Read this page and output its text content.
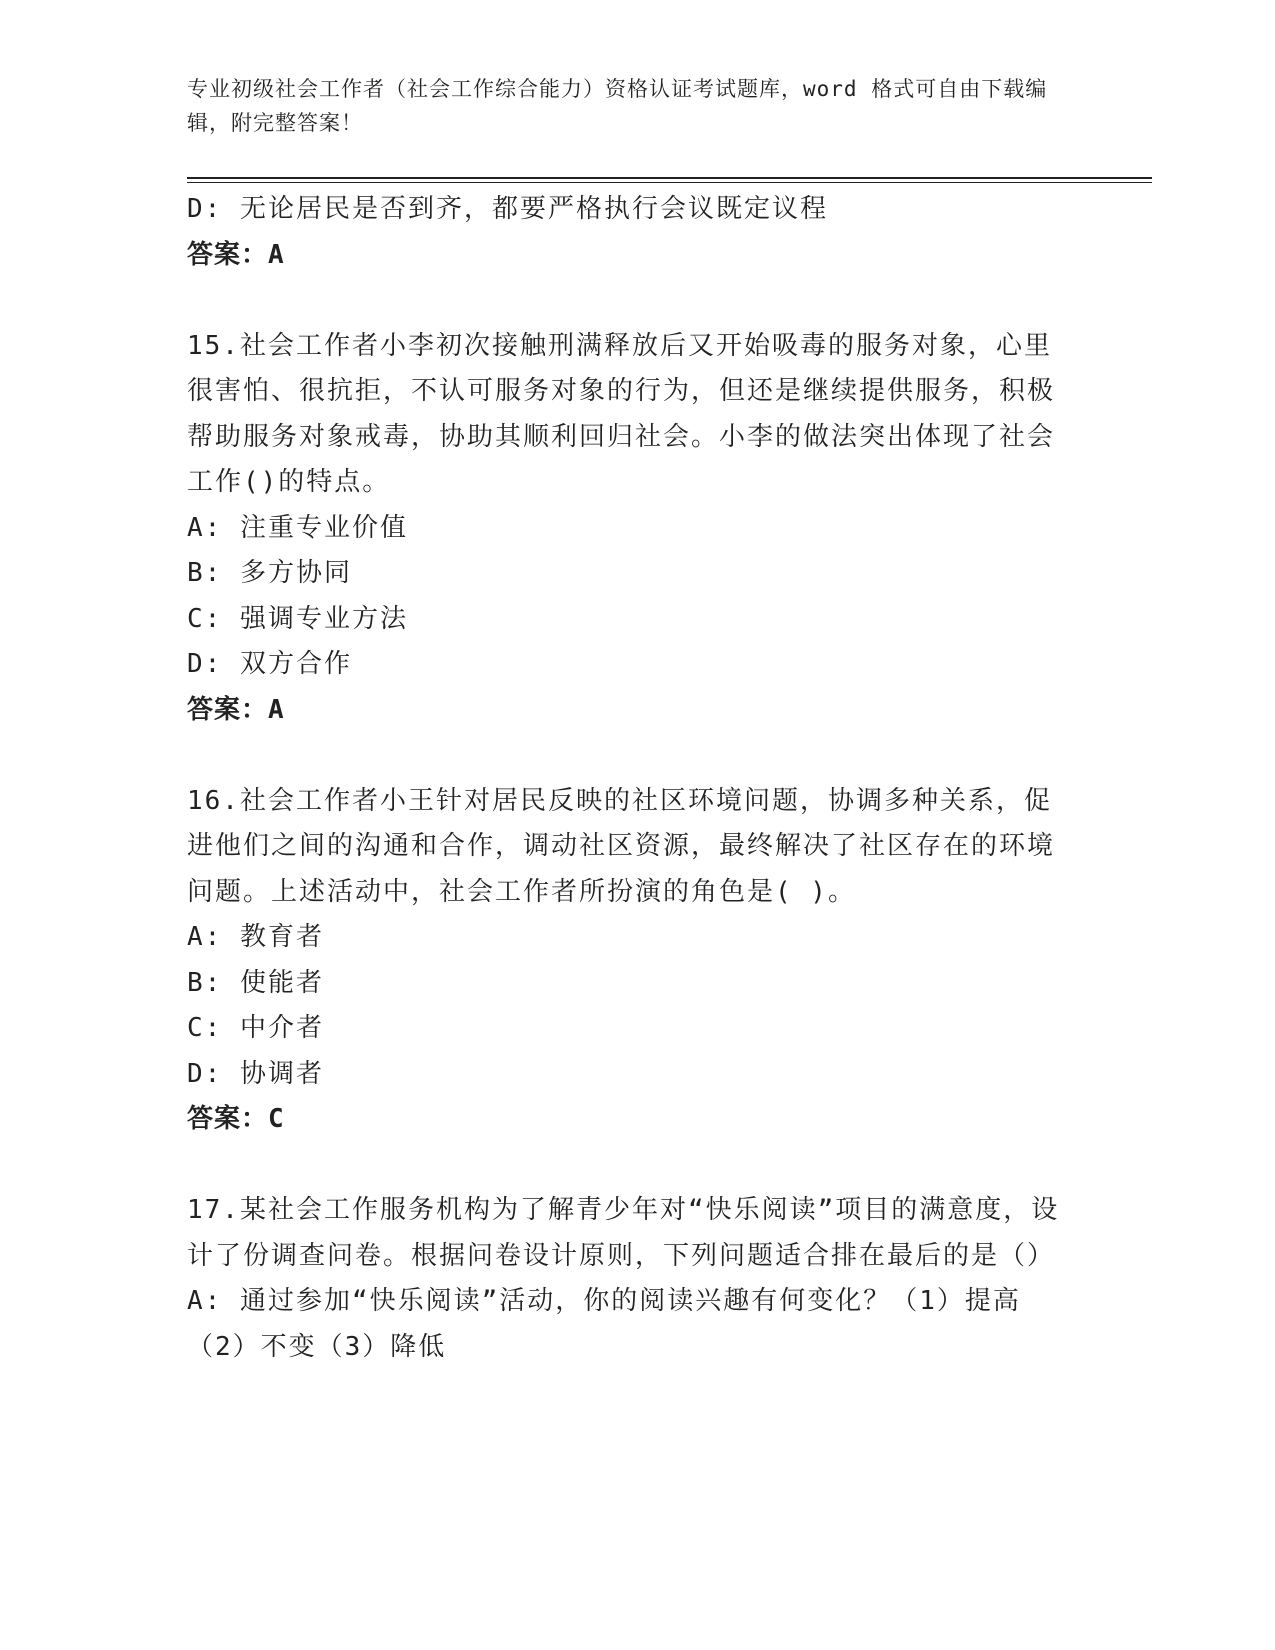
专业初级社会工作者（社会工作综合能力）资格认证考试题库，word 格式可自由下载编辑，附完整答案！
D: 无论居民是否到齐，都要严格执行会议既定议程
答案：A
15.社会工作者小李初次接触刑满释放后又开始吸毒的服务对象，心里很害怕、很抗拒，不认可服务对象的行为，但还是继续提供服务，积极帮助服务对象戒毒，协助其顺利回归社会。小李的做法突出体现了社会工作()的特点。
A: 注重专业价值
B: 多方协同
C: 强调专业方法
D: 双方合作
答案：A
16.社会工作者小王针对居民反映的社区环境问题，协调多种关系，促进他们之间的沟通和合作，调动社区资源，最终解决了社区存在的环境问题。上述活动中，社会工作者所扮演的角色是( )。
A: 教育者
B: 使能者
C: 中介者
D: 协调者
答案：C
17.某社会工作服务机构为了解青少年对“快乐阅读”项目的满意度，设计了份调查问卷。根据问卷设计原则，下列问题适合排在最后的是（）
A: 通过参加“快乐阅读”活动，你的阅读兴趣有何变化？（1）提高（2）不变（3）降低
